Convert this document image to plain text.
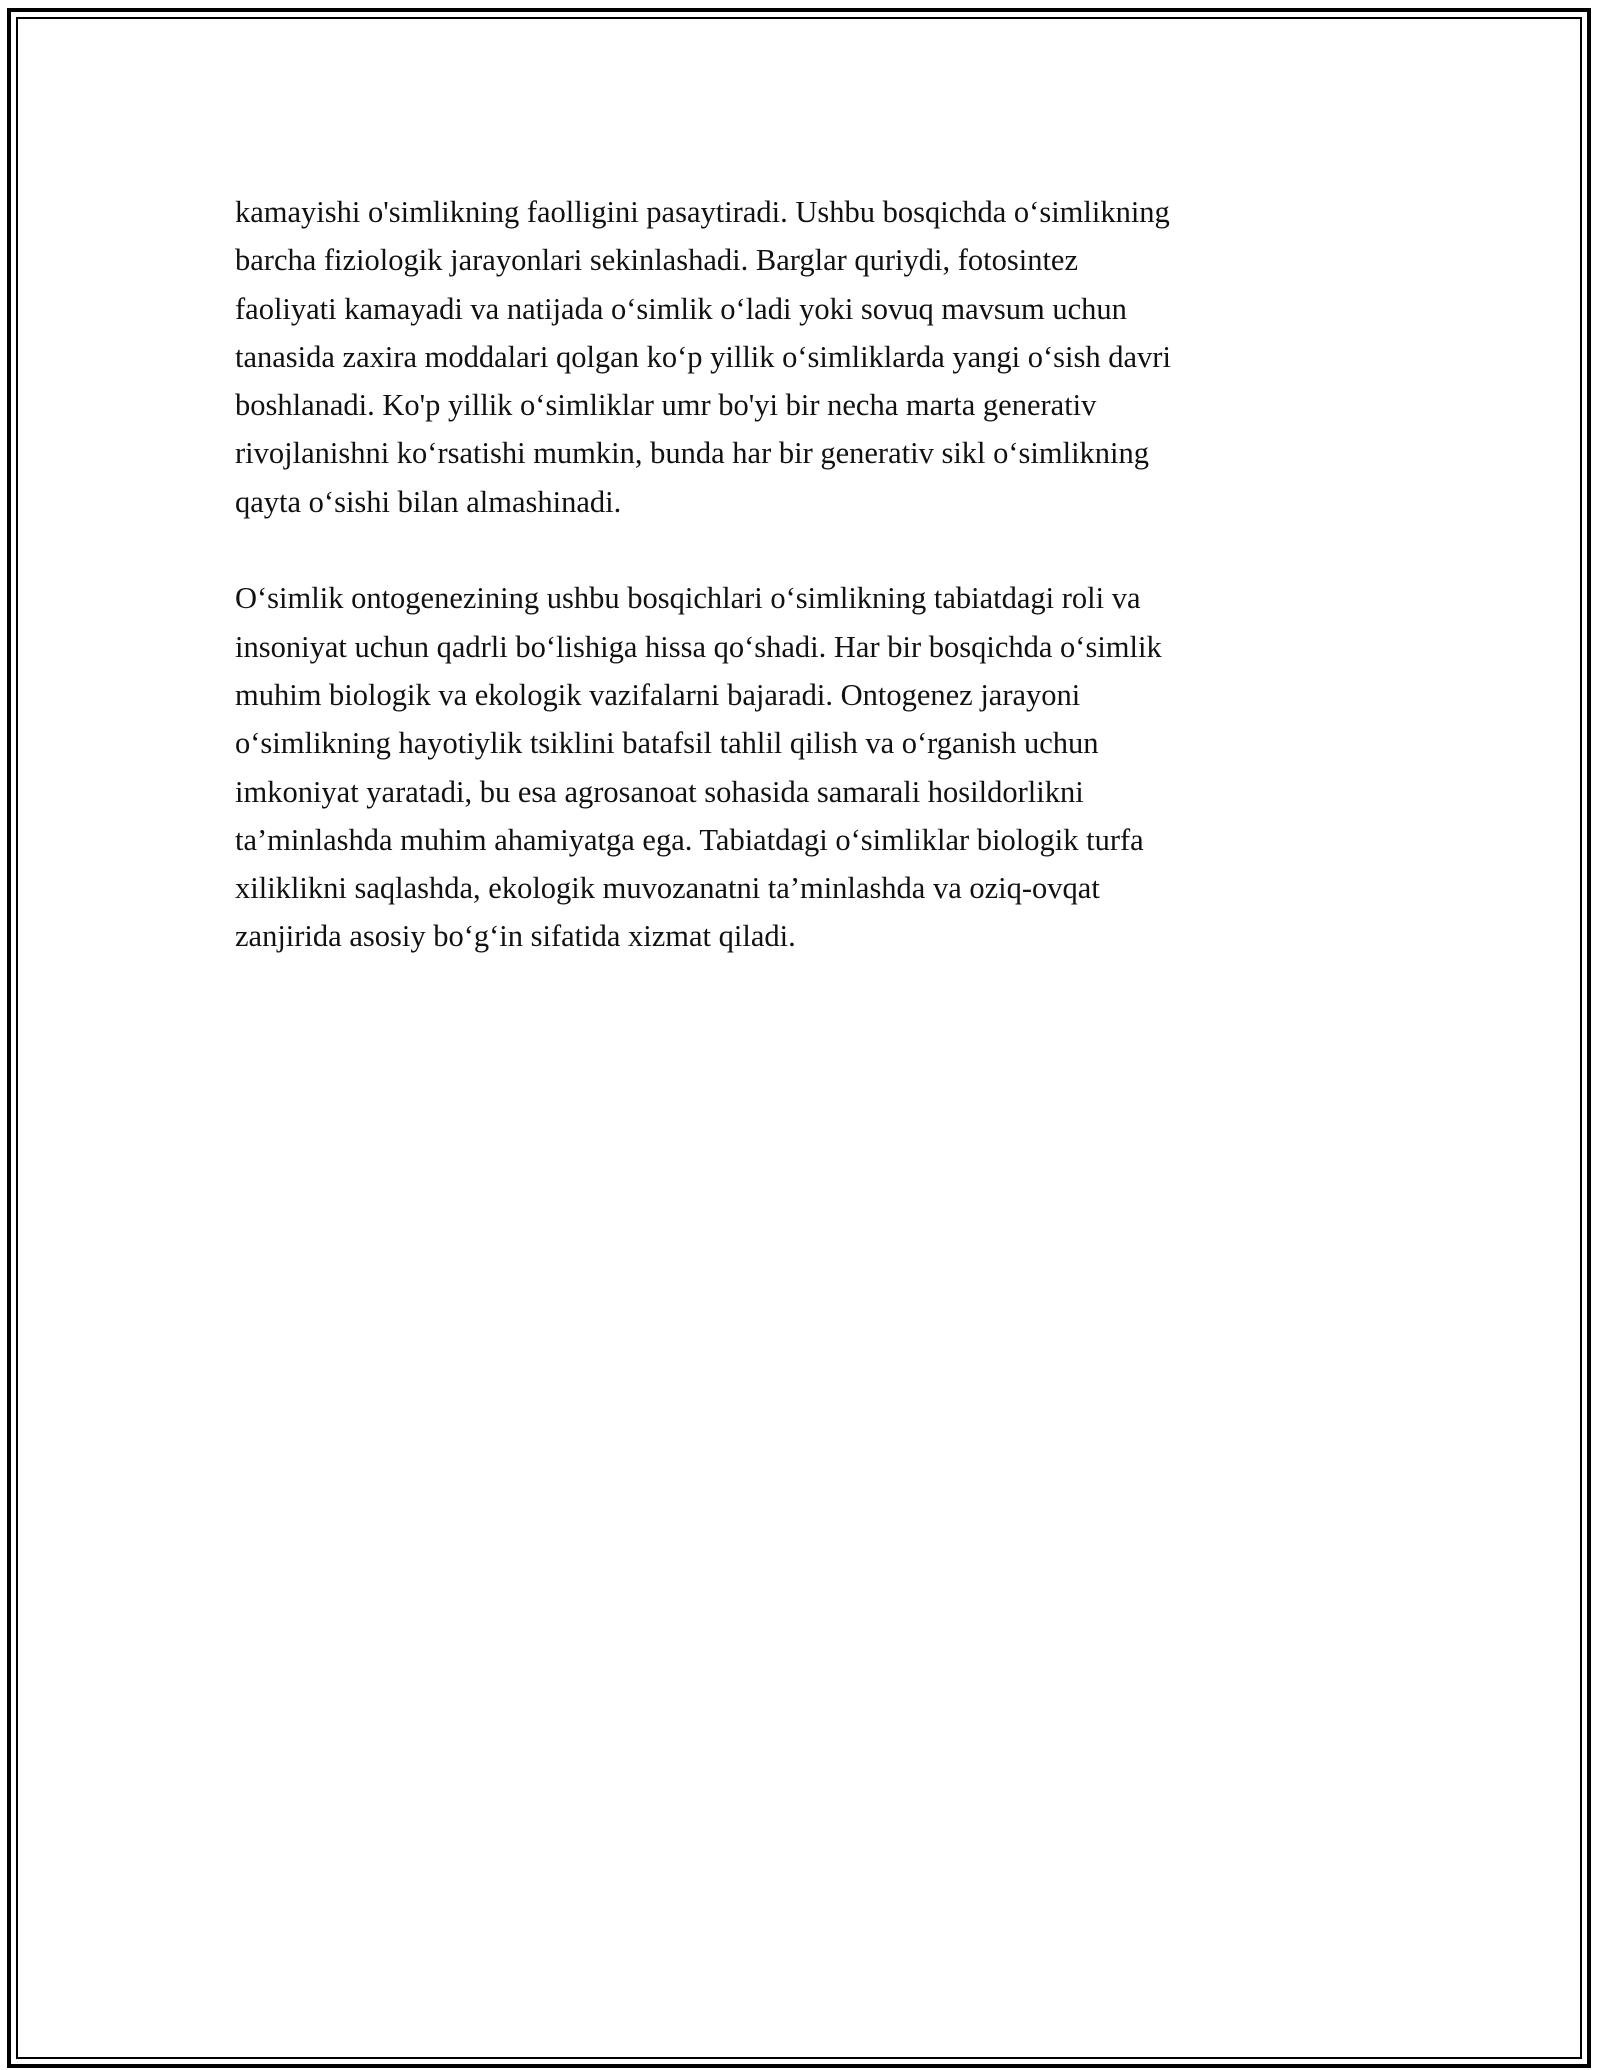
kamayishi o'simlikning faolligini pasaytiradi. Ushbu bosqichda o‘simlikning
barcha fiziologik jarayonlari sekinlashadi. Barglar quriydi, fotosintez
faoliyati kamayadi va natijada o‘simlik o‘ladi yoki sovuq mavsum uchun
tanasida zaxira moddalari qolgan ko‘p yillik o‘simliklarda yangi o‘sish davri
boshlanadi. Ko'p yillik o‘simliklar umr bo'yi bir necha marta generativ
rivojlanishni ko‘rsatishi mumkin, bunda har bir generativ sikl o‘simlikning
qayta o‘sishi bilan almashinadi.

O‘simlik ontogenezining ushbu bosqichlari o‘simlikning tabiatdagi roli va
insoniyat uchun qadrli bo‘lishiga hissa qo‘shadi. Har bir bosqichda o‘simlik
muhim biologik va ekologik vazifalarni bajaradi. Ontogenez jarayoni
o‘simlikning hayotiylik tsiklini batafsil tahlil qilish va o‘rganish uchun
imkoniyat yaratadi, bu esa agrosanoat sohasida samarali hosildorlikni
ta’minlashda muhim ahamiyatga ega. Tabiatdagi o‘simliklar biologik turfa
xiliklikni saqlashda, ekologik muvozanatni ta’minlashda va oziq-ovqat
zanjirida asosiy bo‘g‘in sifatida xizmat qiladi.
